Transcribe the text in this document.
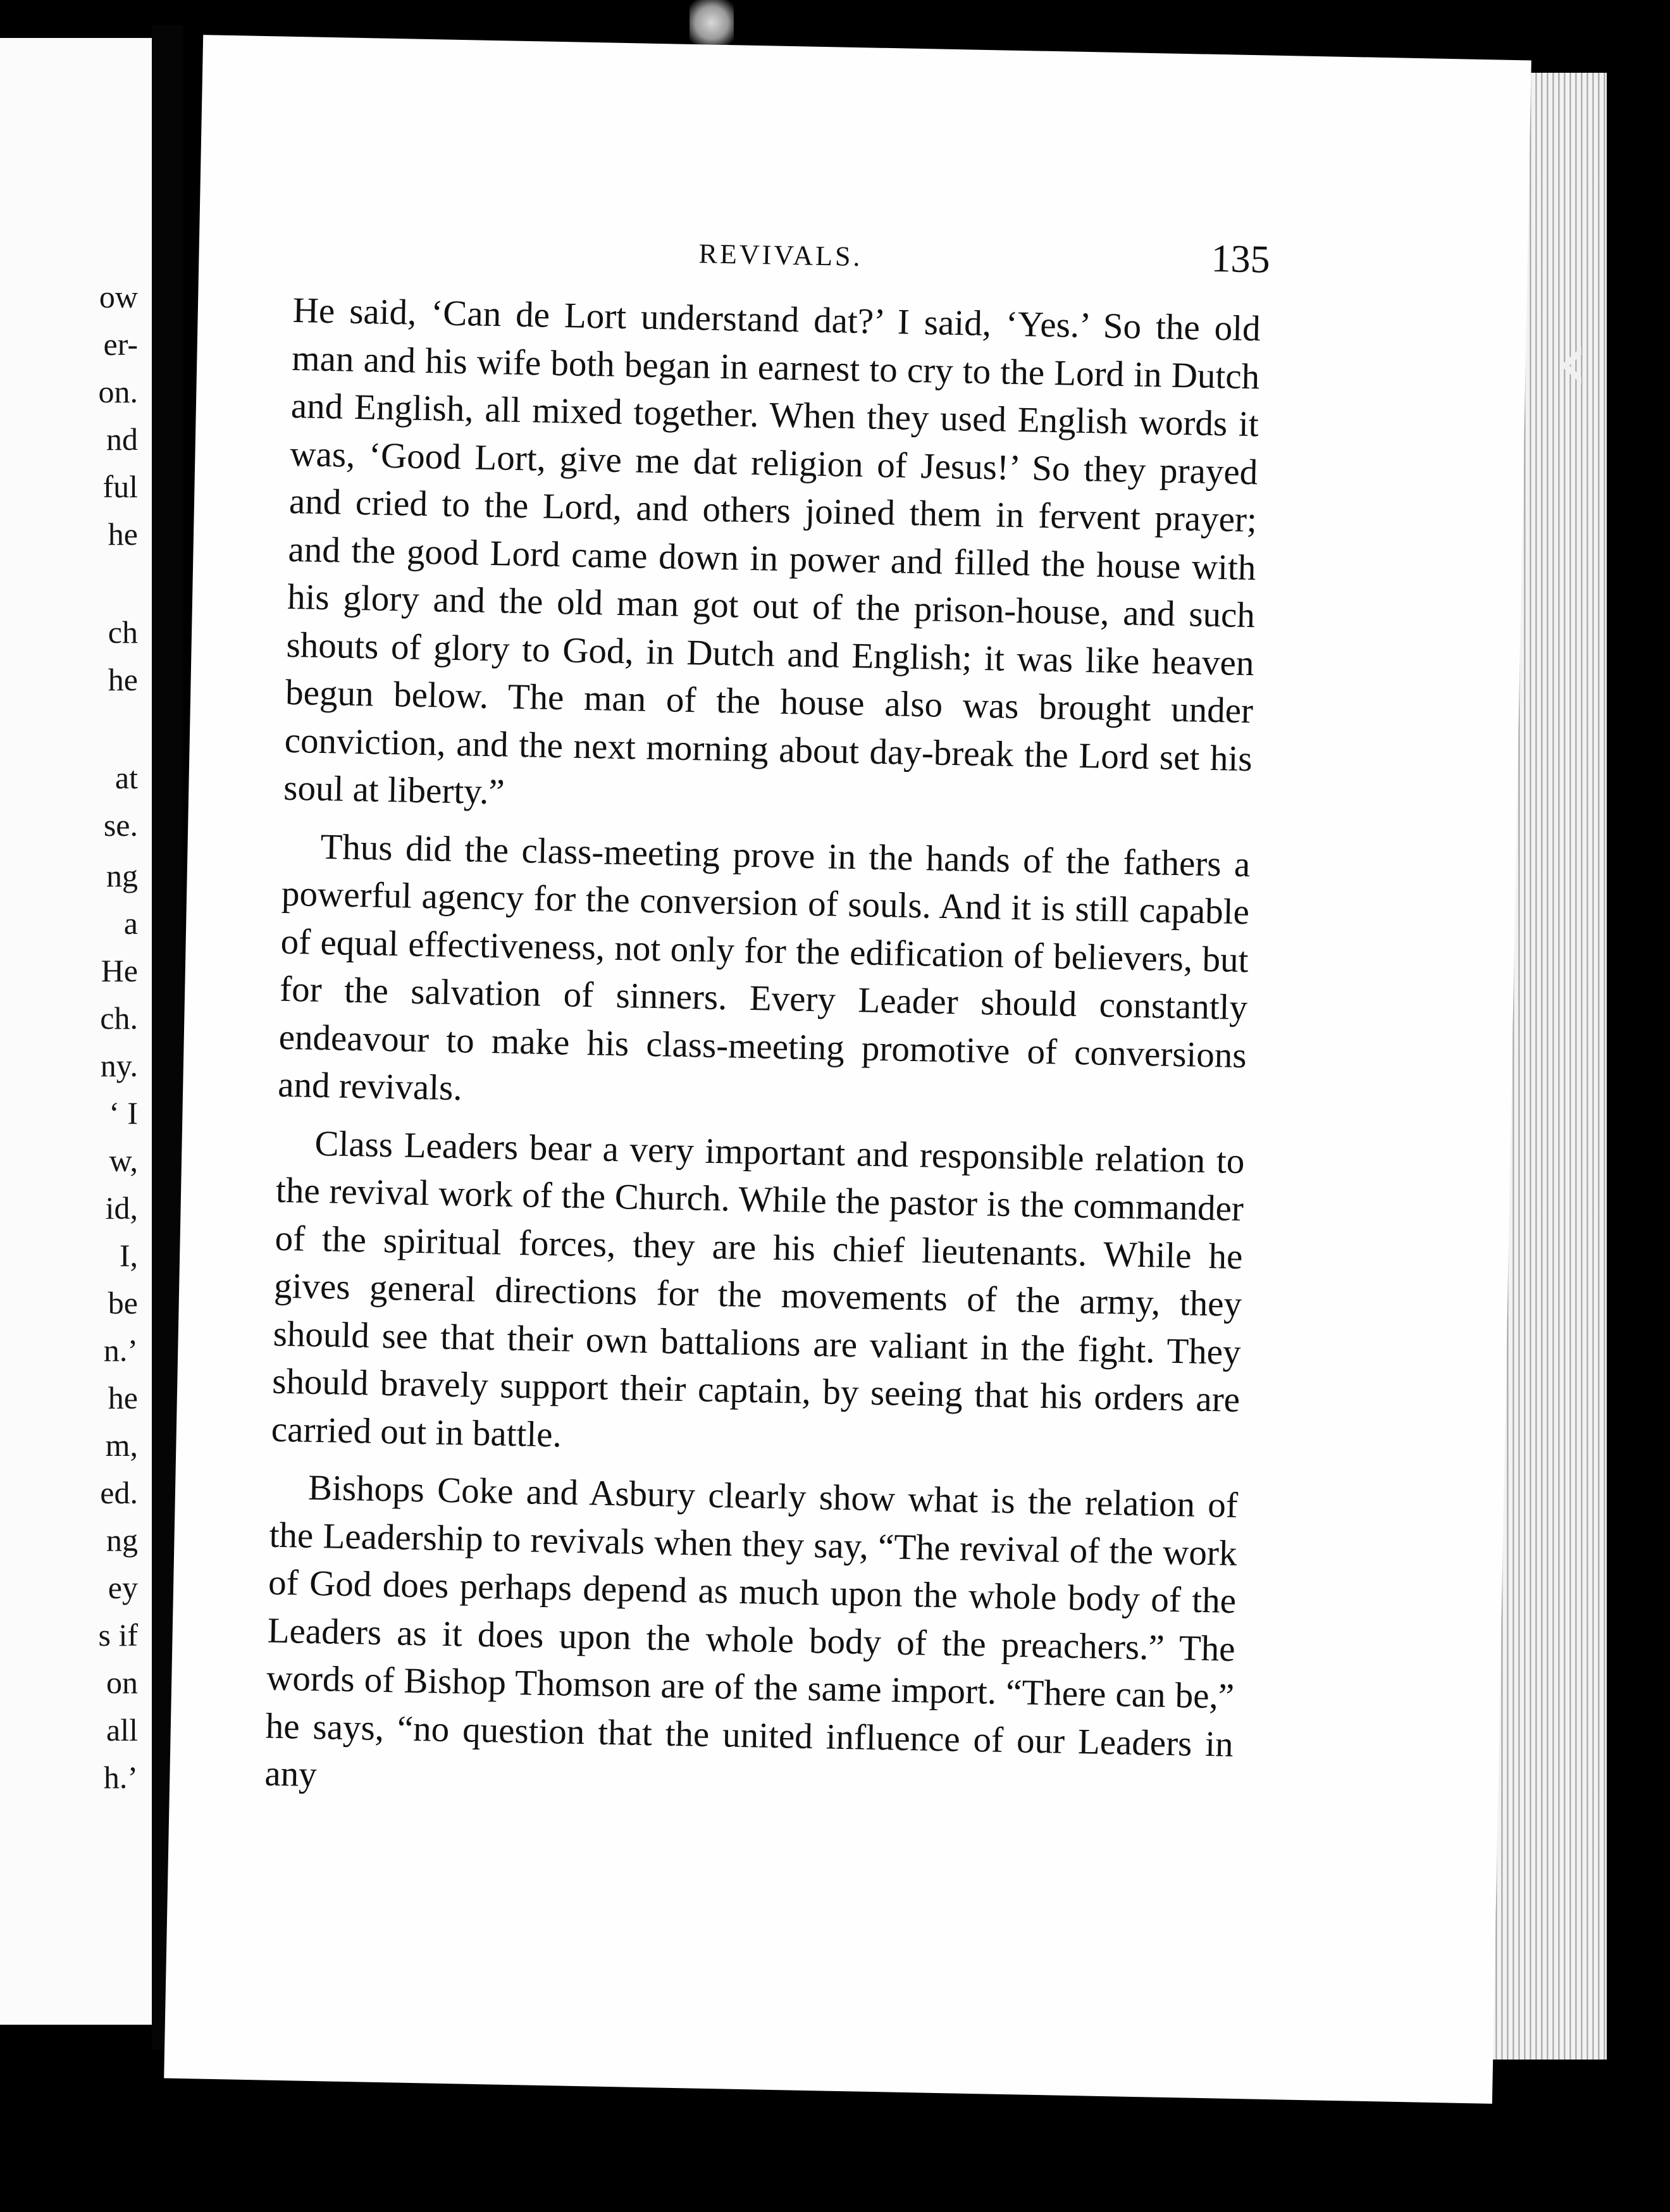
ow
er-
on.
nd
ful
he
ch
he
at
se.
ng
a
He
ch.
ny.
‘ I
w,
id,
I,
be
n.’
he
m,
ed.
ng
ey
s if
on
all
h.’
‹
REVIVALS.	135

He said, ‘Can de Lort understand dat?’ I said, ‘Yes.’ So the old man and his wife both began in earnest to cry to the Lord in Dutch and English, all mixed together. When they used English words it was, ‘Good Lort, give me dat religion of Jesus!’ So they prayed and cried to the Lord, and others joined them in fervent prayer; and the good Lord came down in power and filled the house with his glory and the old man got out of the prison-house, and such shouts of glory to God, in Dutch and English; it was like heaven begun below. The man of the house also was brought under conviction, and the next morning about day-break the Lord set his soul at liberty.”

Thus did the class-meeting prove in the hands of the fathers a powerful agency for the conversion of souls. And it is still capable of equal effectiveness, not only for the edification of believers, but for the salvation of sinners. Every Leader should constantly endeavour to make his class-meeting promotive of conversions and revivals.

Class Leaders bear a very important and responsible relation to the revival work of the Church. While the pastor is the commander of the spiritual forces, they are his chief lieutenants. While he gives general directions for the movements of the army, they should see that their own battalions are valiant in the fight. They should bravely support their captain, by seeing that his orders are carried out in battle.

Bishops Coke and Asbury clearly show what is the relation of the Leadership to revivals when they say, “The revival of the work of God does perhaps depend as much upon the whole body of the Leaders as it does upon the whole body of the preachers.” The words of Bishop Thomson are of the same import. “There can be,” he says, “no question that the united influence of our Leaders in any
